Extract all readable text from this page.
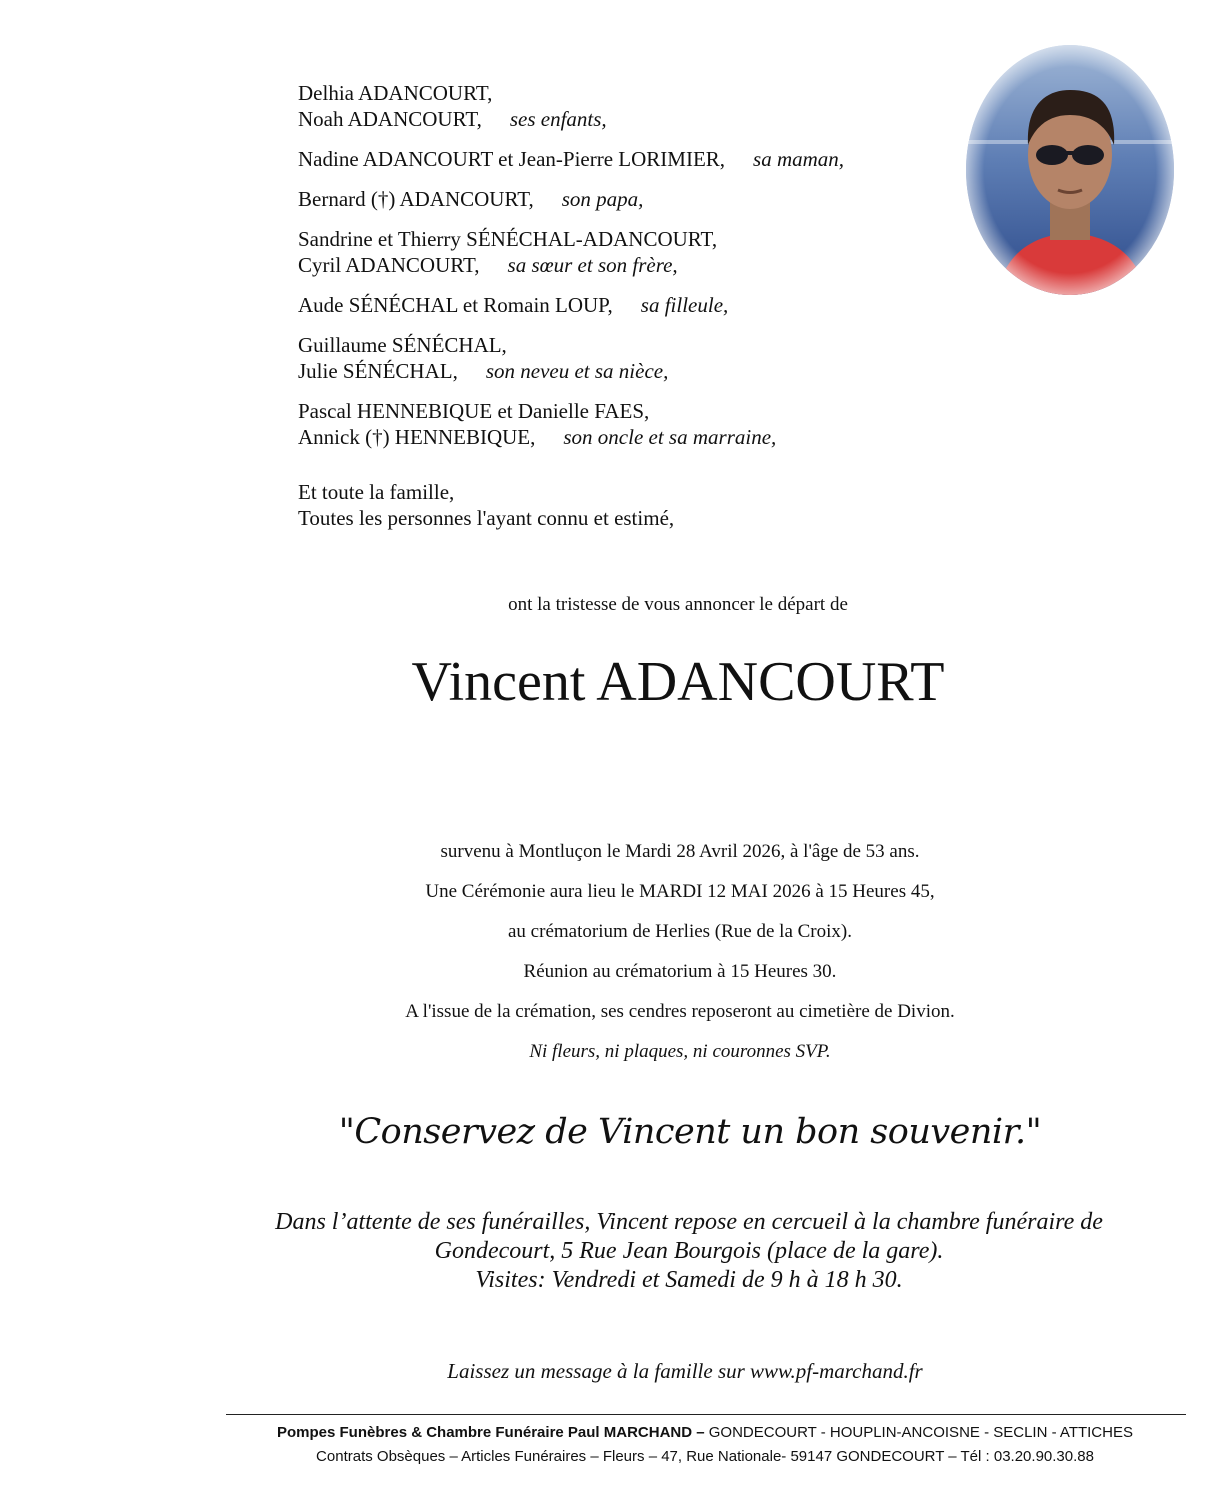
Delhia ADANCOURT,
Noah ADANCOURT, ses enfants,
Nadine ADANCOURT et Jean-Pierre LORIMIER, sa maman,
Bernard (†) ADANCOURT, son papa,
Sandrine et Thierry SÉNÉCHAL-ADANCOURT,
Cyril ADANCOURT, sa sœur et son frère,
Aude SÉNÉCHAL et Romain LOUP, sa filleule,
Guillaume SÉNÉCHAL,
Julie SÉNÉCHAL, son neveu et sa nièce,
Pascal HENNEBIQUE et Danielle FAES,
Annick (†) HENNEBIQUE, son oncle et sa marraine,
Et toute la famille,
Toutes les personnes l'ayant connu et estimé,
ont la tristesse de vous annoncer le départ de
Vincent ADANCOURT
survenu à Montluçon le Mardi 28 Avril 2026, à l'âge de 53 ans.
Une Cérémonie aura lieu le MARDI 12 MAI 2026 à 15 Heures 45,
au crématorium de Herlies (Rue de la Croix).
Réunion au crématorium à 15 Heures 30.
A l'issue de la crémation, ses cendres reposeront au cimetière de Divion.
Ni fleurs, ni plaques, ni couronnes SVP.
"Conservez de Vincent un bon souvenir."
Dans l’attente de ses funérailles, Vincent repose en cercueil à la chambre funéraire de
Gondecourt, 5 Rue Jean Bourgois (place de la gare).
Visites: Vendredi et Samedi de 9 h à 18 h 30.
Laissez un message à la famille sur www.pf-marchand.fr
Pompes Funèbres & Chambre Funéraire Paul MARCHAND – GONDECOURT - HOUPLIN-ANCOISNE - SECLIN - ATTICHES
Contrats Obsèques – Articles Funéraires – Fleurs – 47, Rue Nationale- 59147 GONDECOURT – Tél : 03.20.90.30.88
